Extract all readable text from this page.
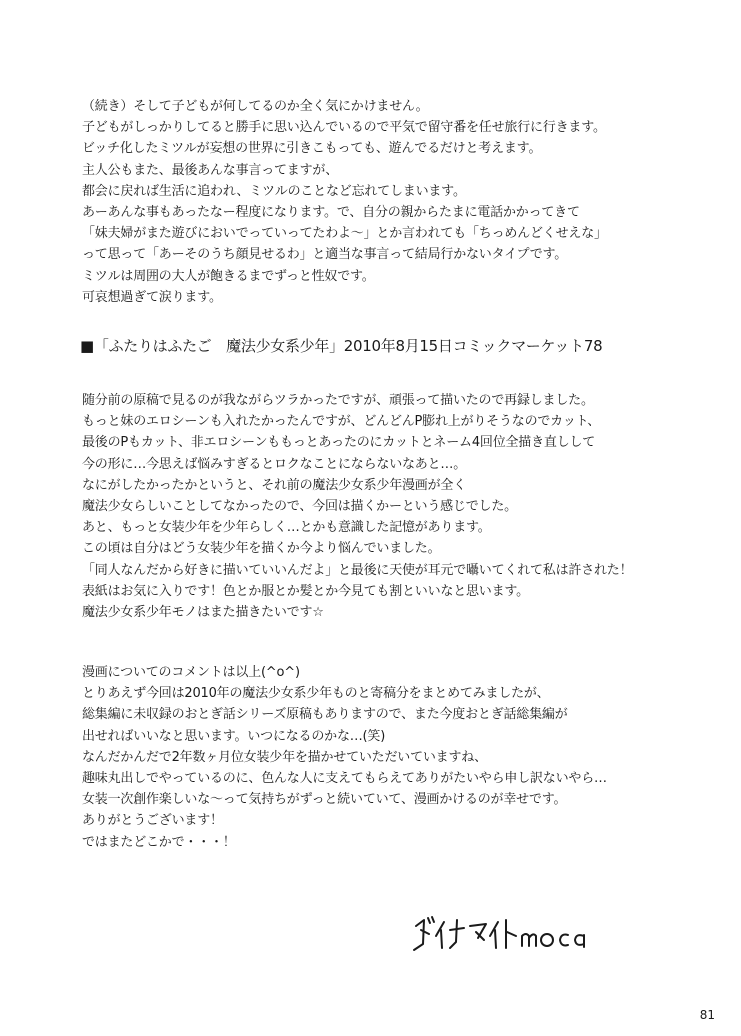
（続き）そして子どもが何してるのか全く気にかけません。
子どもがしっかりしてると勝手に思い込んでいるので平気で留守番を任せ旅行に行きます。
ビッチ化したミツルが妄想の世界に引きこもっても、遊んでるだけと考えます。
主人公もまた、最後あんな事言ってますが、
都会に戻れば生活に追われ、ミツルのことなど忘れてしまいます。
あーあんな事もあったなー程度になります。で、自分の親からたまに電話かかってきて
「妹夫婦がまた遊びにおいでっていってたわよ〜」とか言われても「ちっめんどくせえな」
って思って「あーそのうち顔見せるわ」と適当な事言って結局行かないタイプです。
ミツルは周囲の大人が飽きるまでずっと性奴です。
可哀想過ぎて涙ります。
■「ふたりはふたご　魔法少女系少年」2010年8月15日コミックマーケット78
随分前の原稿で見るのが我ながらツラかったですが、頑張って描いたので再録しました。
もっと妹のエロシーンも入れたかったんですが、どんどんP膨れ上がりそうなのでカット、
最後のPもカット、非エロシーンももっとあったのにカットとネーム4回位全描き直しして
今の形に…今思えば悩みすぎるとロクなことにならないなあと…。
なにがしたかったかというと、それ前の魔法少女系少年漫画が全く
魔法少女らしいことしてなかったので、今回は描くかーという感じでした。
あと、もっと女装少年を少年らしく…とかも意識した記憶があります。
この頃は自分はどう女装少年を描くか今より悩んでいました。
「同人なんだから好きに描いていいんだよ」と最後に天使が耳元で囁いてくれて私は許された！
表紙はお気に入りです！色とか服とか髪とか今見ても割といいなと思います。
魔法少女系少年モノはまた描きたいです☆
漫画についてのコメントは以上(^o^)
とりあえず今回は2010年の魔法少女系少年ものと寄稿分をまとめてみましたが、
総集編に未収録のおとぎ話シリーズ原稿もありますので、また今度おとぎ話総集編が
出せればいいなと思います。いつになるのかな…(笑)
なんだかんだで2年数ヶ月位女装少年を描かせていただいていますね、
趣味丸出しでやっているのに、色んな人に支えてもらえてありがたいやら申し訳ないやら…
女装一次創作楽しいな〜って気持ちがずっと続いていて、漫画かけるのが幸せです。
ありがとうございます！
ではまたどこかで・・・！
81
